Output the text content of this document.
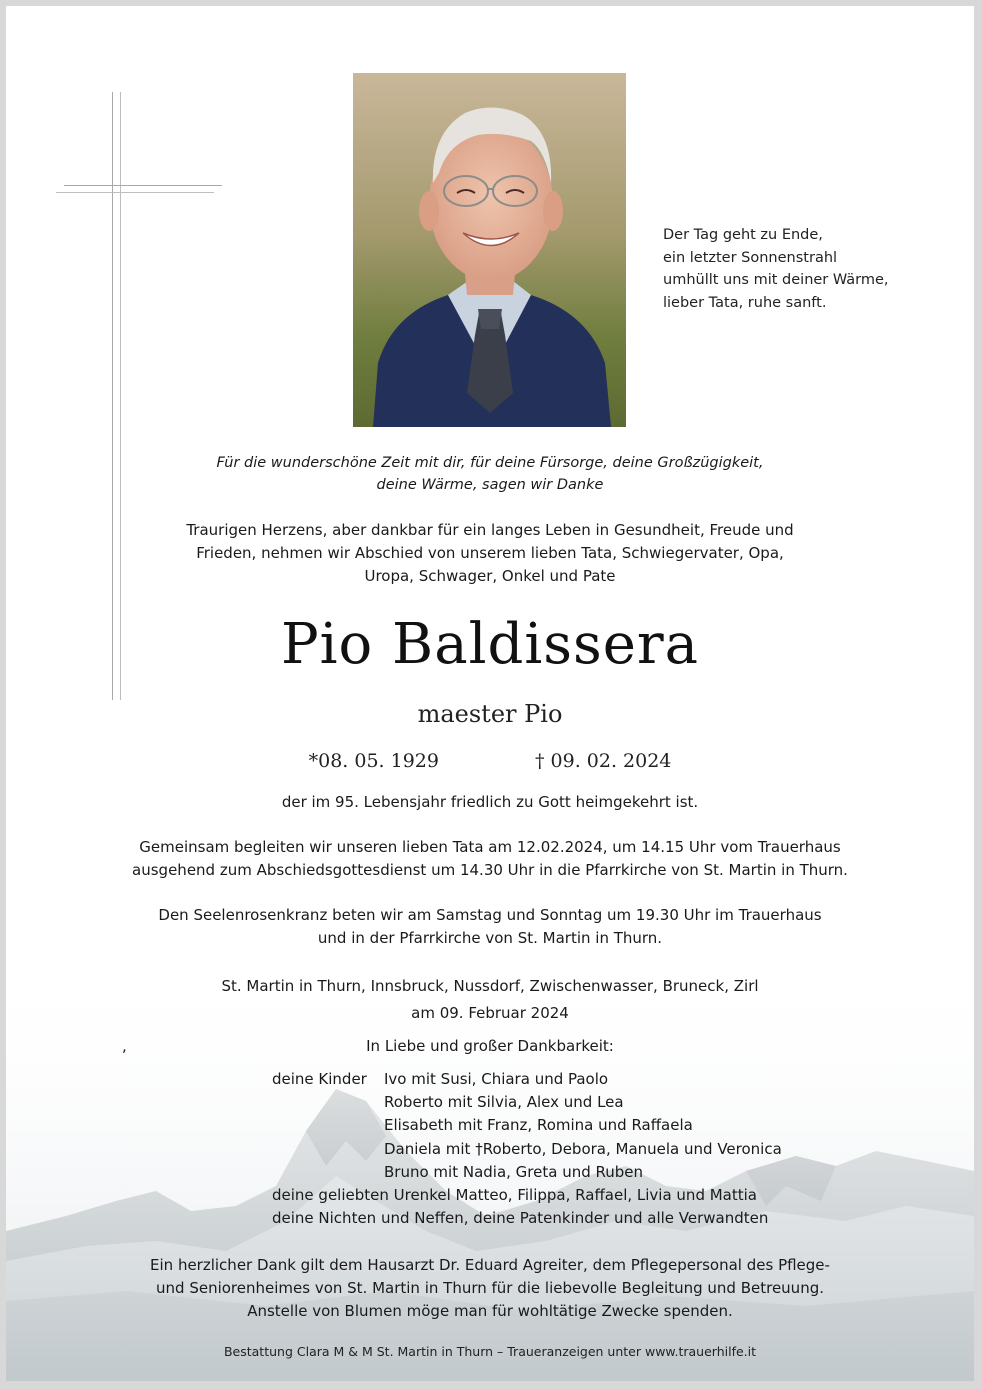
Der Tag geht zu Ende,
ein letzter Sonnenstrahl
umhüllt uns mit deiner Wärme,
lieber Tata, ruhe sanft.
Für die wunderschöne Zeit mit dir, für deine Fürsorge, deine Großzügigkeit,
deine Wärme, sagen wir Danke
Traurigen Herzens, aber dankbar für ein langes Leben in Gesundheit, Freude und
Frieden, nehmen wir Abschied von unserem lieben Tata, Schwiegervater, Opa,
Uropa, Schwager, Onkel und Pate
Pio Baldissera
maester Pio
*08. 05. 1929	† 09. 02. 2024
der im 95. Lebensjahr friedlich zu Gott heimgekehrt ist.
Gemeinsam begleiten wir unseren lieben Tata am 12.02.2024, um 14.15 Uhr vom Trauerhaus
ausgehend zum Abschiedsgottesdienst um 14.30 Uhr in die Pfarrkirche von St. Martin in Thurn.
Den Seelenrosenkranz beten wir am Samstag und Sonntag um 19.30 Uhr im Trauerhaus
und in der Pfarrkirche von St. Martin in Thurn.
St. Martin in Thurn, Innsbruck, Nussdorf, Zwischenwasser, Bruneck, Zirl
am 09. Februar 2024
,	In Liebe und großer Dankbarkeit:
deine Kinder Ivo mit Susi, Chiara und Paolo
Roberto mit Silvia, Alex und Lea
Elisabeth mit Franz, Romina und Raffaela
Daniela mit †Roberto, Debora, Manuela und Veronica
Bruno mit Nadia, Greta und Ruben
deine geliebten Urenkel Matteo, Filippa, Raffael, Livia und Mattia
deine Nichten und Neffen, deine Patenkinder und alle Verwandten
Ein herzlicher Dank gilt dem Hausarzt Dr. Eduard Agreiter, dem Pflegepersonal des Pflege-
und Seniorenheimes von St. Martin in Thurn für die liebevolle Begleitung und Betreuung.
Anstelle von Blumen möge man für wohltätige Zwecke spenden.
Bestattung Clara M & M St. Martin in Thurn – Traueranzeigen unter www.trauerhilfe.it
